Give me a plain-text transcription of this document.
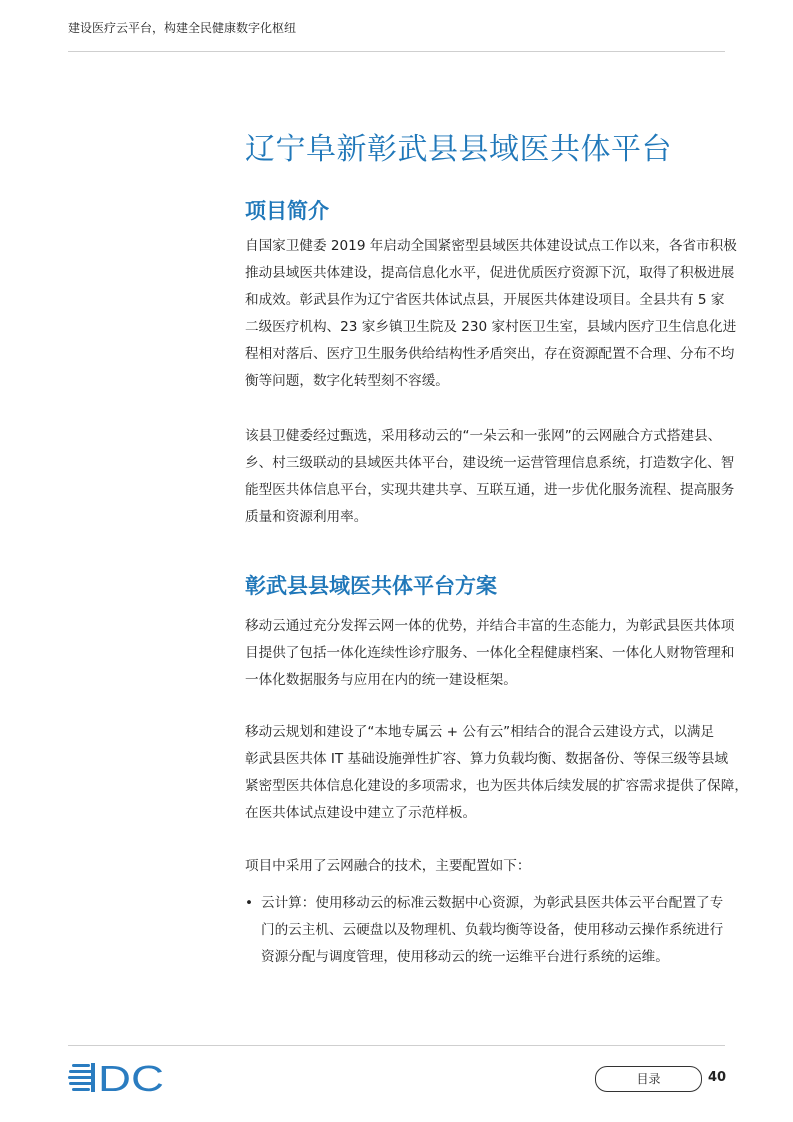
建设医疗云平台，构建全民健康数字化枢纽
辽宁阜新彰武县县域医共体平台
项目简介
自国家卫健委 2019 年启动全国紧密型县域医共体建设试点工作以来，各省市积极
推动县域医共体建设，提高信息化水平，促进优质医疗资源下沉，取得了积极进展
和成效。彰武县作为辽宁省医共体试点县，开展医共体建设项目。全县共有 5 家
二级医疗机构、23 家乡镇卫生院及 230 家村医卫生室，县域内医疗卫生信息化进
程相对落后、医疗卫生服务供给结构性矛盾突出，存在资源配置不合理、分布不均
衡等问题，数字化转型刻不容缓。
该县卫健委经过甄选，采用移动云的“一朵云和一张网”的云网融合方式搭建县、
乡、村三级联动的县域医共体平台，建设统一运营管理信息系统，打造数字化、智
能型医共体信息平台，实现共建共享、互联互通，进一步优化服务流程、提高服务
质量和资源利用率。
彰武县县域医共体平台方案
移动云通过充分发挥云网一体的优势，并结合丰富的生态能力，为彰武县医共体项
目提供了包括一体化连续性诊疗服务、一体化全程健康档案、一体化人财物管理和
一体化数据服务与应用在内的统一建设框架。
移动云规划和建设了“本地专属云 + 公有云”相结合的混合云建设方式，以满足
彰武县医共体 IT 基础设施弹性扩容、算力负载均衡、数据备份、等保三级等县域
紧密型医共体信息化建设的多项需求，也为医共体后续发展的扩容需求提供了保障，
在医共体试点建设中建立了示范样板。
项目中采用了云网融合的技术，主要配置如下：
• 云计算：使用移动云的标准云数据中心资源，为彰武县医共体云平台配置了专
门的云主机、云硬盘以及物理机、负载均衡等设备，使用移动云操作系统进行
资源分配与调度管理，使用移动云的统一运维平台进行系统的运维。
DC	目录	40
